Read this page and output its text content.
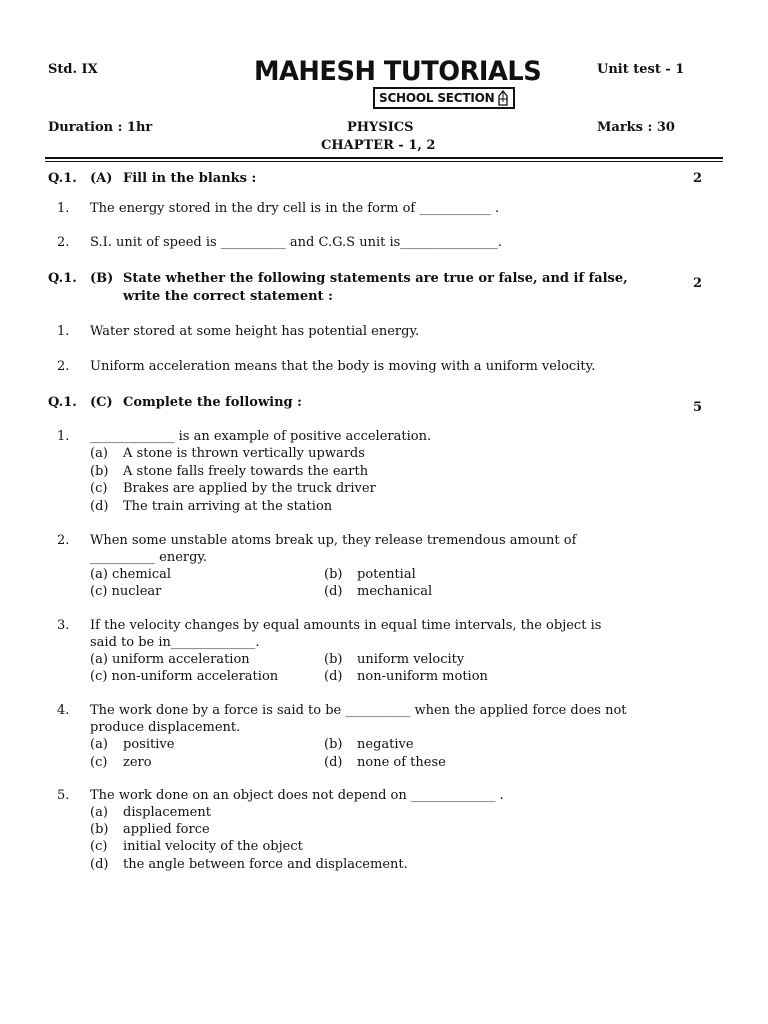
Std. IX	MAHESH TUTORIALS
SCHOOL SECTION
Unit test - 1
Duration : 1hr	PHYSICS	Marks : 30
CHAPTER - 1, 2
Q.1. (A) Fill in the blanks :	2
1. The energy stored in the dry cell is in the form of ___________ .
2. S.I. unit of speed is __________ and C.G.S unit is_______________.
Q.1. (B) State whether the following statements are true or false, and if false,
write the correct statement :
2
1. Water stored at some height has potential energy.
2. Uniform acceleration means that the body is moving with a uniform velocity.
Q.1. (C) Complete the following :	5
1. _____________ is an example of positive acceleration.
(a) A stone is thrown vertically upwards
(b) A stone falls freely towards the earth
(c) Brakes are applied by the truck driver
(d) The train arriving at the station
2. When some unstable atoms break up, they release tremendous amount of
__________ energy.
(a) chemical	(b) potential
(c) nuclear	(d) mechanical
3. If the velocity changes by equal amounts in equal time intervals, the object is
said to be in_____________.
(a) uniform acceleration	(b) uniform velocity
(c) non-uniform acceleration	(d) non-uniform motion
4. The work done by a force is said to be __________ when the applied force does not
produce displacement.
(a) positive	(b) negative
(c) zero	(d) none of these
5. The work done on an object does not depend on _____________ .
(a) displacement
(b) applied force
(c) initial velocity of the object
(d) the angle between force and displacement.
